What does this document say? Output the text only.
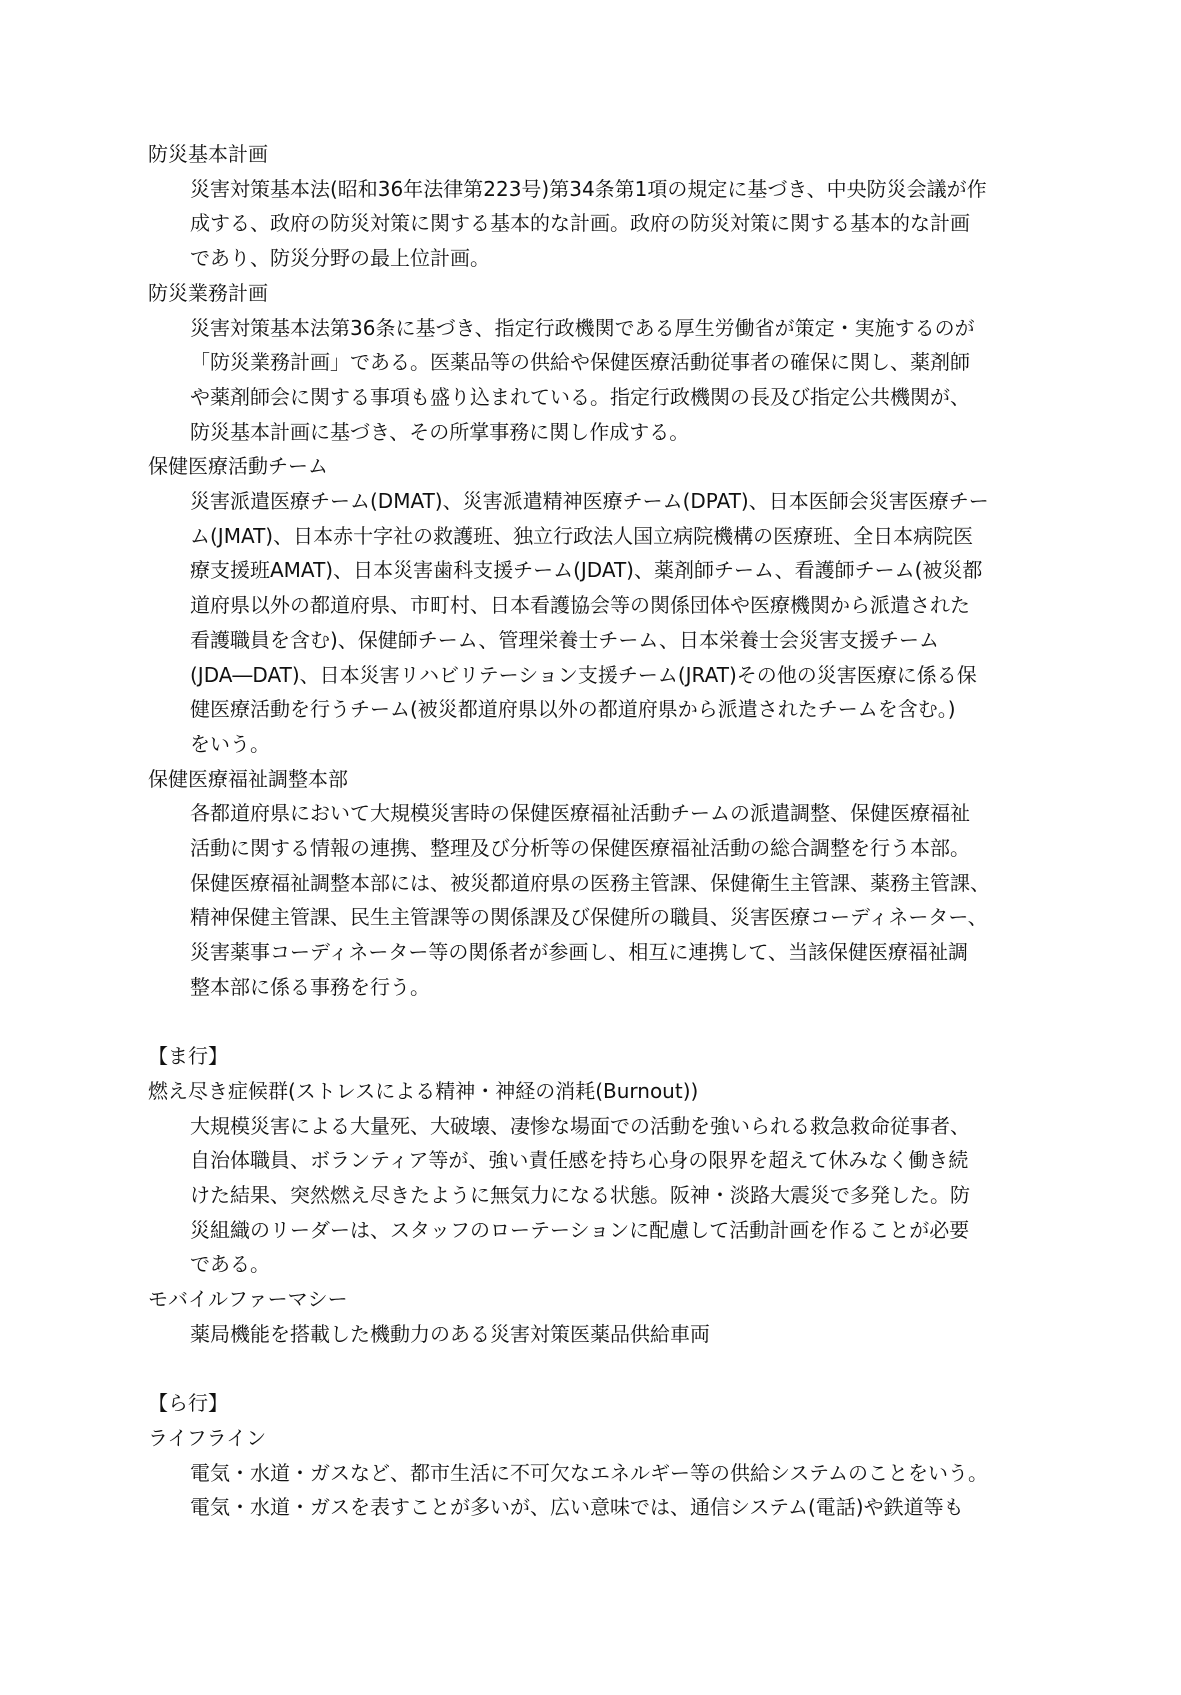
防災基本計画
災害対策基本法(昭和36年法律第223号)第34条第1項の規定に基づき、中央防災会議が作
成する、政府の防災対策に関する基本的な計画。政府の防災対策に関する基本的な計画
であり、防災分野の最上位計画。
防災業務計画
災害対策基本法第36条に基づき、指定行政機関である厚生労働省が策定・実施するのが
「防災業務計画」である。医薬品等の供給や保健医療活動従事者の確保に関し、薬剤師
や薬剤師会に関する事項も盛り込まれている。指定行政機関の長及び指定公共機関が、
防災基本計画に基づき、その所掌事務に関し作成する。
保健医療活動チーム
災害派遣医療チーム(DMAT)、災害派遣精神医療チーム(DPAT)、日本医師会災害医療チー
ム(JMAT)、日本赤十字社の救護班、独立行政法人国立病院機構の医療班、全日本病院医
療支援班AMAT)、日本災害歯科支援チーム(JDAT)、薬剤師チーム、看護師チーム(被災都
道府県以外の都道府県、市町村、日本看護協会等の関係団体や医療機関から派遣された
看護職員を含む)、保健師チーム、管理栄養士チーム、日本栄養士会災害支援チーム
(JDA―DAT)、日本災害リハビリテーション支援チーム(JRAT)その他の災害医療に係る保
健医療活動を行うチーム(被災都道府県以外の都道府県から派遣されたチームを含む。)
をいう。
保健医療福祉調整本部
各都道府県において大規模災害時の保健医療福祉活動チームの派遣調整、保健医療福祉
活動に関する情報の連携、整理及び分析等の保健医療福祉活動の総合調整を行う本部。
保健医療福祉調整本部には、被災都道府県の医務主管課、保健衛生主管課、薬務主管課、
精神保健主管課、民生主管課等の関係課及び保健所の職員、災害医療コーディネーター、
災害薬事コーディネーター等の関係者が参画し、相互に連携して、当該保健医療福祉調
整本部に係る事務を行う。
【ま行】
燃え尽き症候群(ストレスによる精神・神経の消耗(Burnout))
大規模災害による大量死、大破壊、凄惨な場面での活動を強いられる救急救命従事者、
自治体職員、ボランティア等が、強い責任感を持ち心身の限界を超えて休みなく働き続
けた結果、突然燃え尽きたように無気力になる状態。阪神・淡路大震災で多発した。防
災組織のリーダーは、スタッフのローテーションに配慮して活動計画を作ることが必要
である。
モバイルファーマシー
薬局機能を搭載した機動力のある災害対策医薬品供給車両
【ら行】
ライフライン
電気・水道・ガスなど、都市生活に不可欠なエネルギー等の供給システムのことをいう。
電気・水道・ガスを表すことが多いが、広い意味では、通信システム(電話)や鉄道等も
